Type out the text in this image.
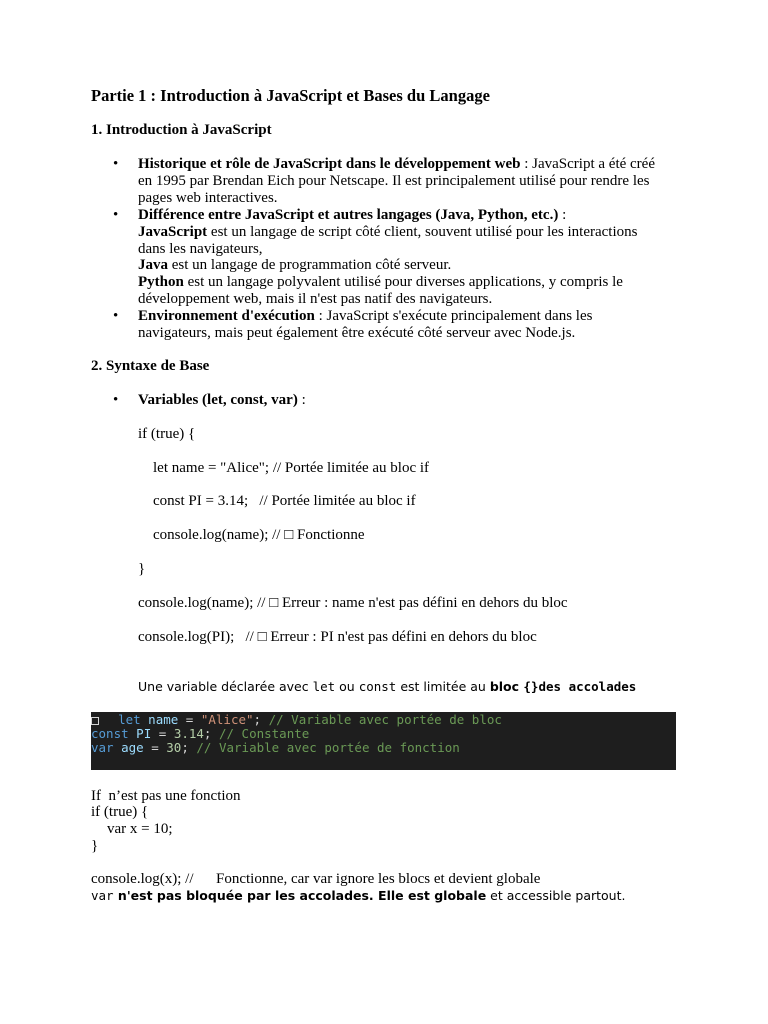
Partie 1 : Introduction à JavaScript et Bases du Langage
1. Introduction à JavaScript
• Historique et rôle de JavaScript dans le développement web : JavaScript a été créé
en 1995 par Brendan Eich pour Netscape. Il est principalement utilisé pour rendre les
pages web interactives.
• Différence entre JavaScript et autres langages (Java, Python, etc.) :
JavaScript est un langage de script côté client, souvent utilisé pour les interactions
dans les navigateurs,
Java est un langage de programmation côté serveur.
Python est un langage polyvalent utilisé pour diverses applications, y compris le
développement web, mais il n'est pas natif des navigateurs.
• Environnement d'exécution : JavaScript s'exécute principalement dans les
navigateurs, mais peut également être exécuté côté serveur avec Node.js.
2. Syntaxe de Base
• Variables (let, const, var) :
if (true) {
let name = "Alice"; // Portée limitée au bloc if
const PI = 3.14;   // Portée limitée au bloc if
console.log(name); // □ Fonctionne
}
console.log(name); // □ Erreur : name n'est pas défini en dehors du bloc
console.log(PI);   // □ Erreur : PI n'est pas défini en dehors du bloc
Une variable déclarée avec let ou const est limitée au bloc {}des accolades
let name = "Alice"; // Variable avec portée de bloc
const PI = 3.14; // Constante
var age = 30; // Variable avec portée de fonction
If  n’est pas une fonction
if (true) {
var x = 10;
}
console.log(x); //      Fonctionne, car var ignore les blocs et devient globale
var n'est pas bloquée par les accolades. Elle est globale et accessible partout.
